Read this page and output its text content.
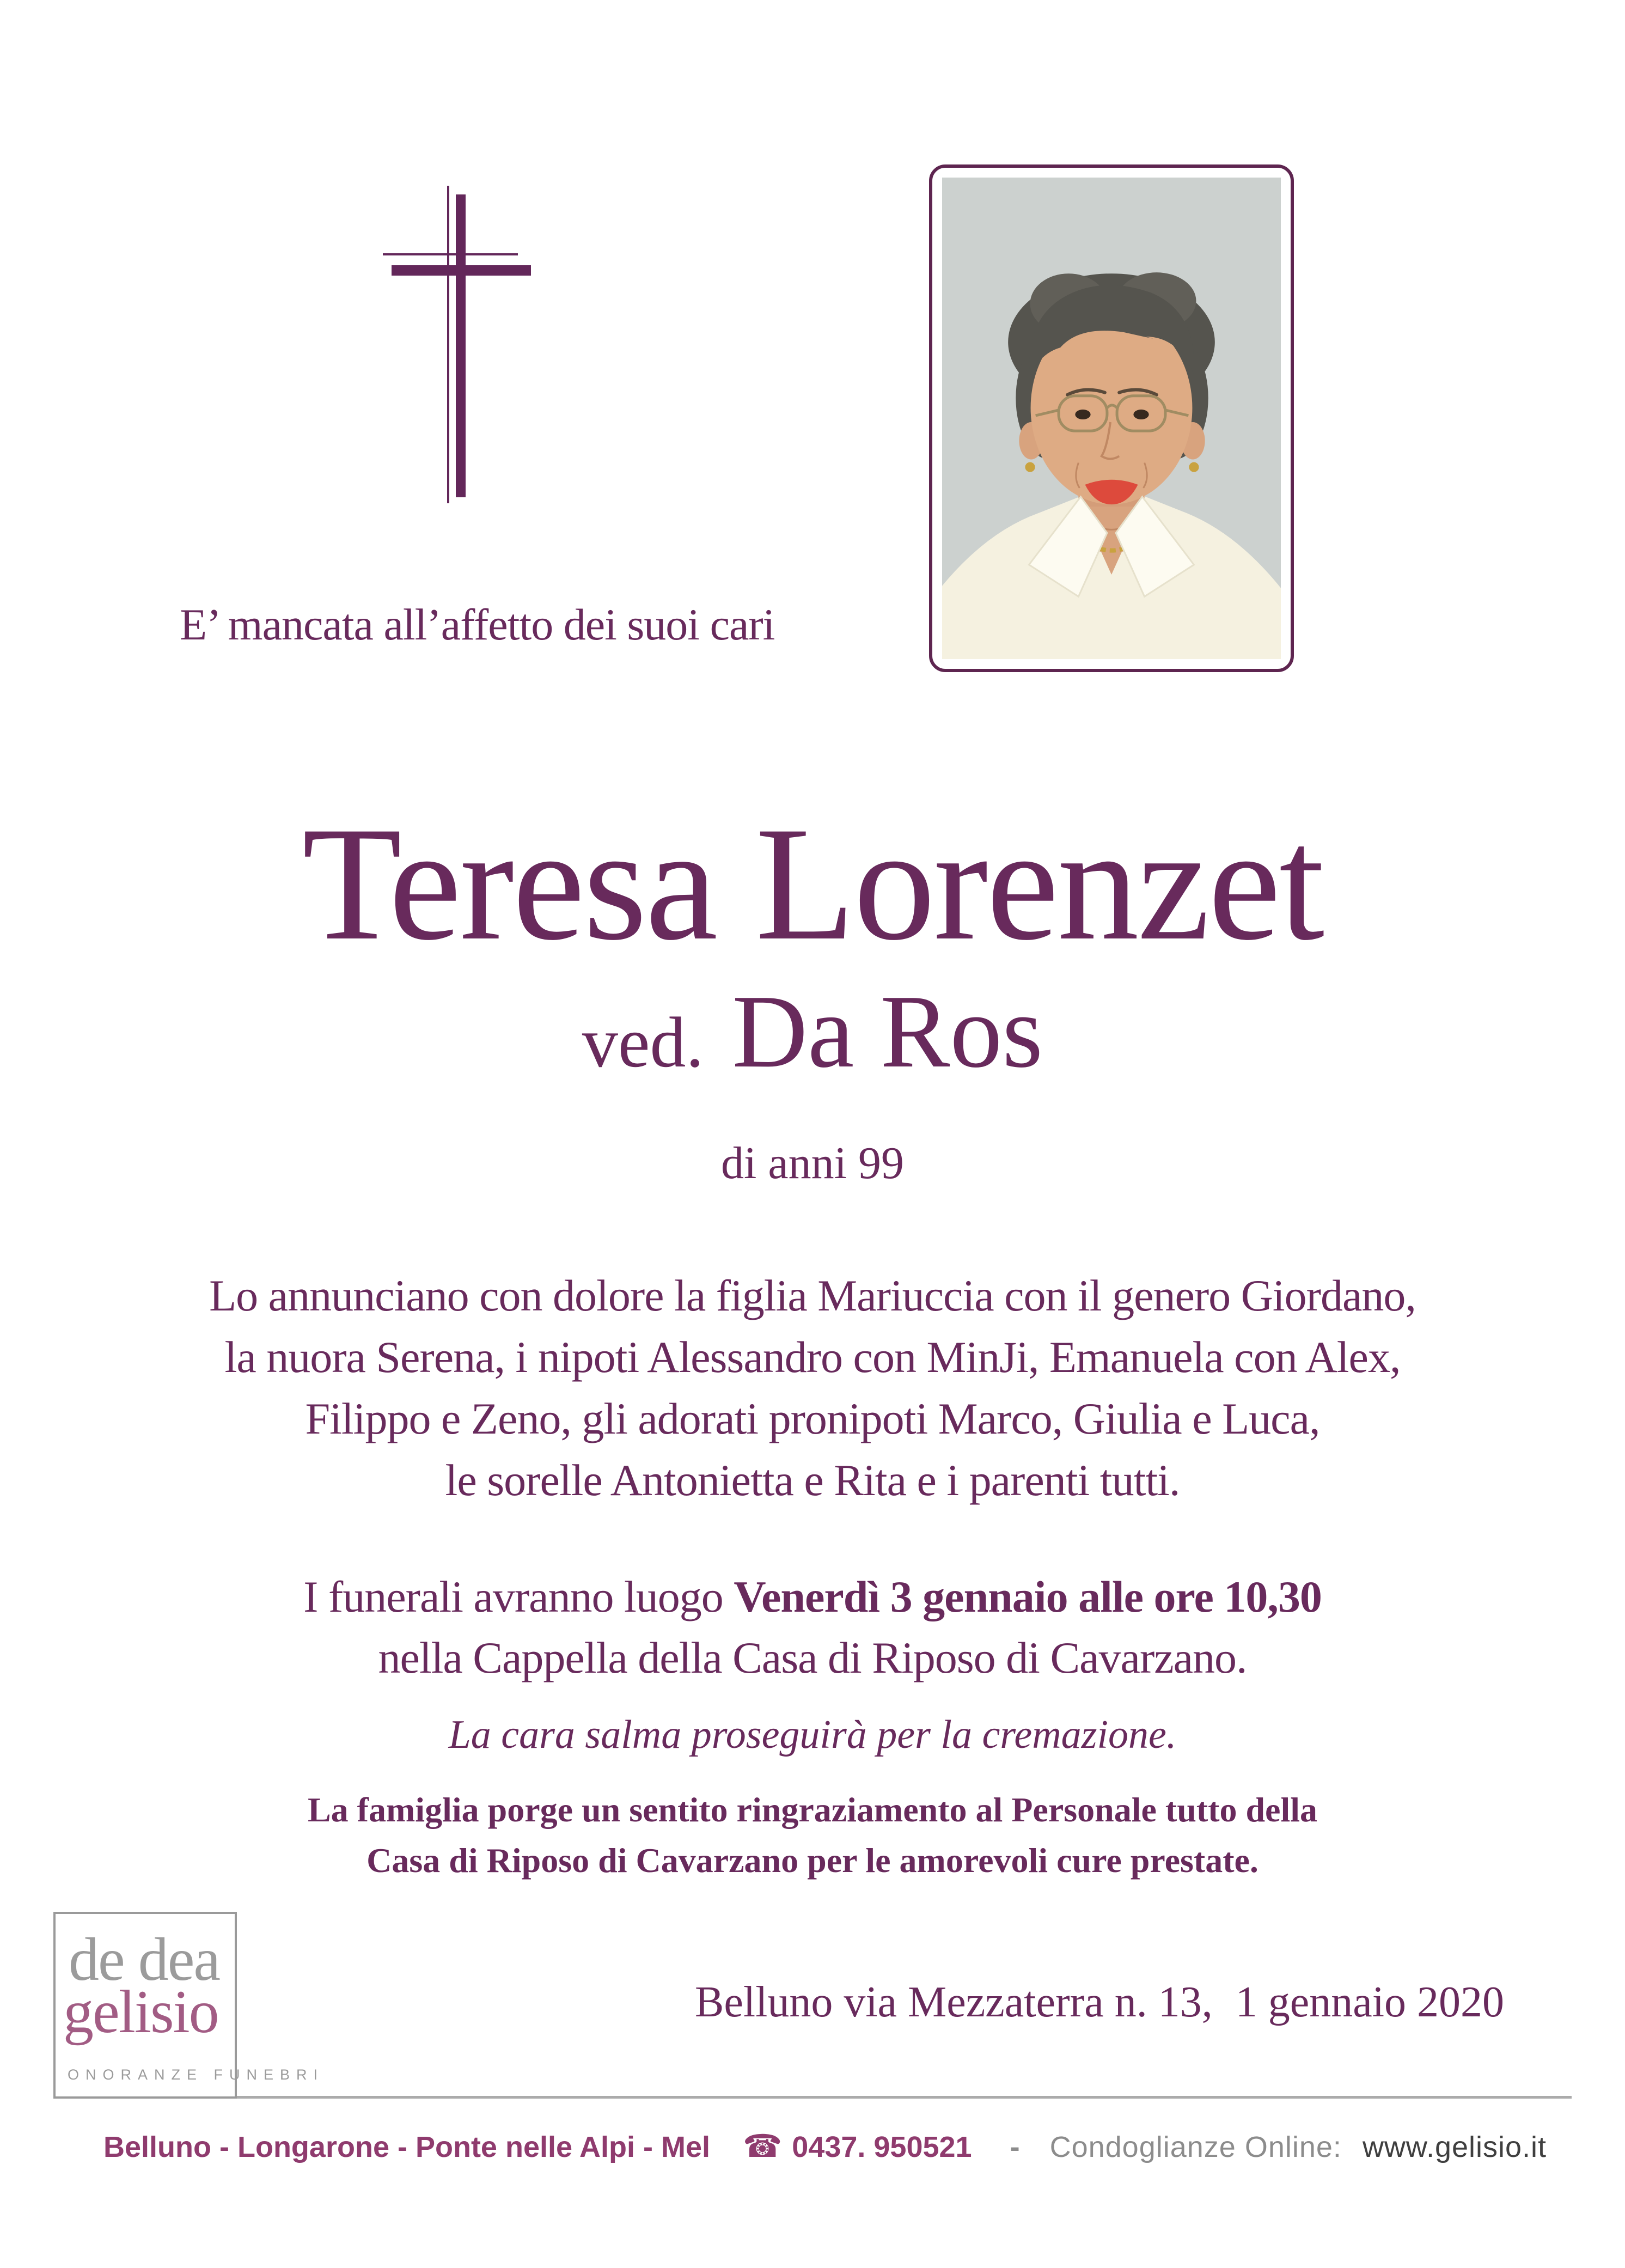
E’ mancata all’affetto dei suoi cari
Teresa Lorenzet
ved. Da Ros
di anni 99
Lo annunciano con dolore la figlia Mariuccia con il genero Giordano,
la nuora Serena, i nipoti Alessandro con MinJi, Emanuela con Alex,
Filippo e Zeno, gli adorati pronipoti Marco, Giulia e Luca,
le sorelle Antonietta e Rita e i parenti tutti.
I funerali avranno luogo Venerdì 3 gennaio alle ore 10,30
nella Cappella della Casa di Riposo di Cavarzano.
La cara salma proseguirà per la cremazione.
La famiglia porge un sentito ringraziamento al Personale tutto della
Casa di Riposo di Cavarzano per le amorevoli cure prestate.
Belluno via Mezzaterra n. 13, 1 gennaio 2020
de dea
gelisio
ONORANZE FUNEBRI
Belluno - Longarone - Ponte nelle Alpi - Mel ☎ 0437. 950521 - Condoglianze Online: www.gelisio.it
